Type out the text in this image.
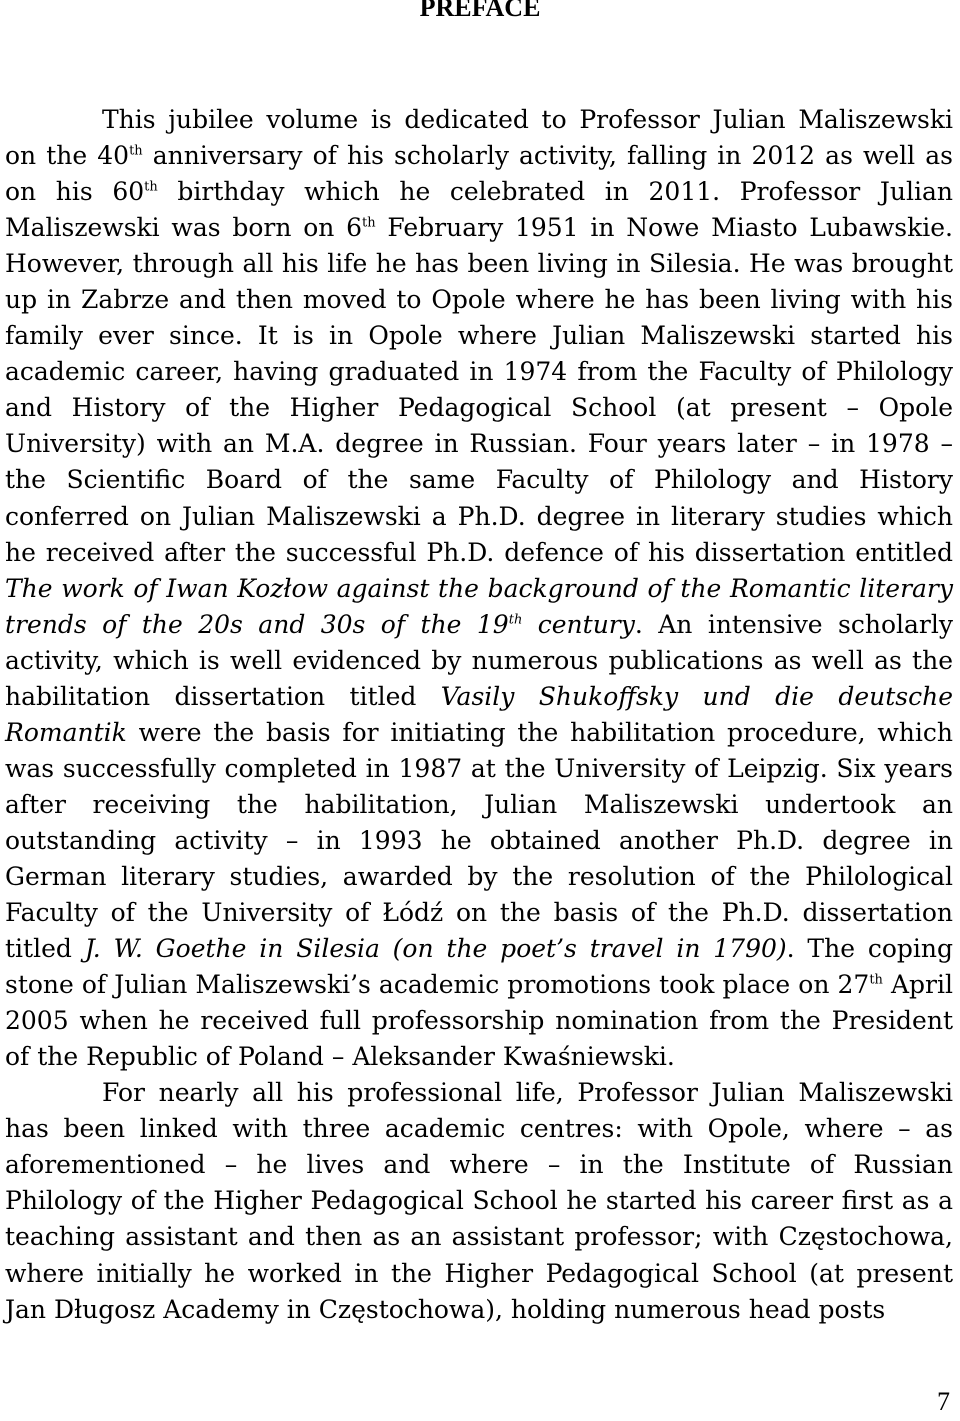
PREFACE

This jubilee volume is dedicated to Professor Julian Maliszewski on the 40th anniversary of his scholarly activity, falling in 2012 as well as on his 60th birthday which he celebrated in 2011. Professor Julian Maliszewski was born on 6th February 1951 in Nowe Miasto Lubawskie. However, through all his life he has been living in Silesia. He was brought up in Zabrze and then moved to Opole where he has been living with his family ever since. It is in Opole where Julian Maliszewski started his academic career, having graduated in 1974 from the Faculty of Philology and History of the Higher Pedagogical School (at present – Opole University) with an M.A. degree in Russian. Four years later – in 1978 – the Scientific Board of the same Faculty of Philology and History conferred on Julian Maliszewski a Ph.D. degree in literary studies which he received after the successful Ph.D. defence of his dissertation entitled The work of Iwan Kozłow against the background of the Romantic literary trends of the 20s and 30s of the 19th century. An intensive scholarly activity, which is well evidenced by numerous publications as well as the habilitation dissertation titled Vasily Shukoffsky und die deutsche Romantik were the basis for initiating the habilitation procedure, which was successfully completed in 1987 at the University of Leipzig. Six years after receiving the habilitation, Julian Maliszewski undertook an outstanding activity – in 1993 he obtained another Ph.D. degree in German literary studies, awarded by the resolution of the Philological Faculty of the University of Łódź on the basis of the Ph.D. dissertation titled J. W. Goethe in Silesia (on the poet’s travel in 1790). The coping stone of Julian Maliszewski’s academic promotions took place on 27th April 2005 when he received full professorship nomination from the President of the Republic of Poland – Aleksander Kwaśniewski.

For nearly all his professional life, Professor Julian Maliszewski has been linked with three academic centres: with Opole, where – as aforementioned – he lives and where – in the Institute of Russian Philology of the Higher Pedagogical School he started his career first as a teaching assistant and then as an assistant professor; with Częstochowa, where initially he worked in the Higher Pedagogical School (at present Jan Długosz Academy in Częstochowa), holding numerous head posts

7
